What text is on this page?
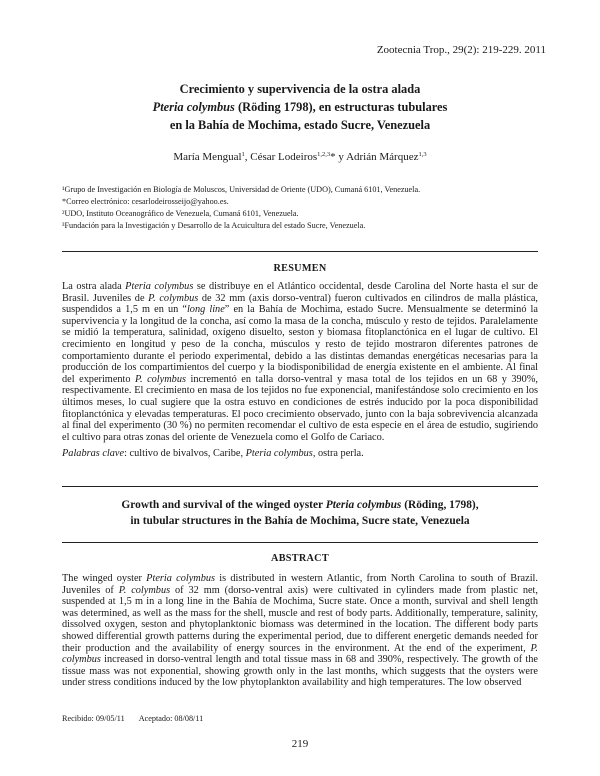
Zootecnia Trop., 29(2): 219-229. 2011
Crecimiento y supervivencia de la ostra alada
Pteria colymbus (Röding 1798), en estructuras tubulares
en la Bahía de Mochima, estado Sucre, Venezuela
María Mengual$^1$, César Lodeiros$^{1,2,3}$* y Adrián Márquez$^{1,3}$
¹Grupo de Investigación en Biología de Moluscos, Universidad de Oriente (UDO), Cumaná 6101, Venezuela.
*Correo electrónico: cesarlodeirosseijo@yahoo.es.
²UDO, Instituto Oceanográfico de Venezuela, Cumaná 6101, Venezuela.
³Fundación para la Investigación y Desarrollo de la Acuicultura del estado Sucre, Venezuela.
RESUMEN

La ostra alada Pteria colymbus se distribuye en el Atlántico occidental, desde Carolina del Norte hasta el sur de Brasil. Juveniles de P. colymbus de 32 mm (axis dorso-ventral) fueron cultivados en cilindros de malla plástica, suspendidos a 1,5 m en un “long line” en la Bahía de Mochima, estado Sucre. Mensualmente se determinó la supervivencia y la longitud de la concha, así como la masa de la concha, músculo y resto de tejidos. Paralelamente se midió la temperatura, salinidad, oxígeno disuelto, seston y biomasa fitoplanctónica en el lugar de cultivo. El crecimiento en longitud y peso de la concha, músculos y resto de tejido mostraron diferentes patrones de comportamiento durante el periodo experimental, debido a las distintas demandas energéticas necesarias para la producción de los compartimientos del cuerpo y la biodisponibilidad de energía existente en el ambiente. Al final del experimento P. colymbus incrementó en talla dorso-ventral y masa total de los tejidos en un 68 y 390%, respectivamente. El crecimiento en masa de los tejidos no fue exponencial, manifestándose solo crecimiento en los últimos meses, lo cual sugiere que la ostra estuvo en condiciones de estrés inducido por la poca disponibilidad fitoplanctónica y elevadas temperaturas. El poco crecimiento observado, junto con la baja sobrevivencia alcanzada al final del experimento (30 %) no permiten recomendar el cultivo de esta especie en el área de estudio, sugiriendo el cultivo para otras zonas del oriente de Venezuela como el Golfo de Cariaco.

Palabras clave: cultivo de bivalvos, Caribe, Pteria colymbus, ostra perla.

Growth and survival of the winged oyster Pteria colymbus (Röding, 1798),
in tubular structures in the Bahía de Mochima, Sucre state, Venezuela
ABSTRACT

The winged oyster Pteria colymbus is distributed in western Atlantic, from North Carolina to south of Brazil. Juveniles of P. colymbus of 32 mm (dorso-ventral axis) were cultivated in cylinders made from plastic net, suspended at 1,5 m in a long line in the Bahía de Mochima, Sucre state. Once a month, survival and shell length was determined, as well as the mass for the shell, muscle and rest of body parts. Additionally, temperature, salinity, dissolved oxygen, seston and phytoplanktonic biomass was determined in the location. The different body parts showed differential growth patterns during the experimental period, due to different energetic demands needed for their production and the availability of energy sources in the environment. At the end of the experiment, P. colymbus increased in dorso-ventral length and total tissue mass in 68 and 390%, respectively. The growth of the tissue mass was not exponential, showing growth only in the last months, which suggests that the oysters were under stress conditions induced by the low phytoplankton availability and high temperatures. The low observed

Recibido: 09/05/11 Aceptado: 08/08/11
219
